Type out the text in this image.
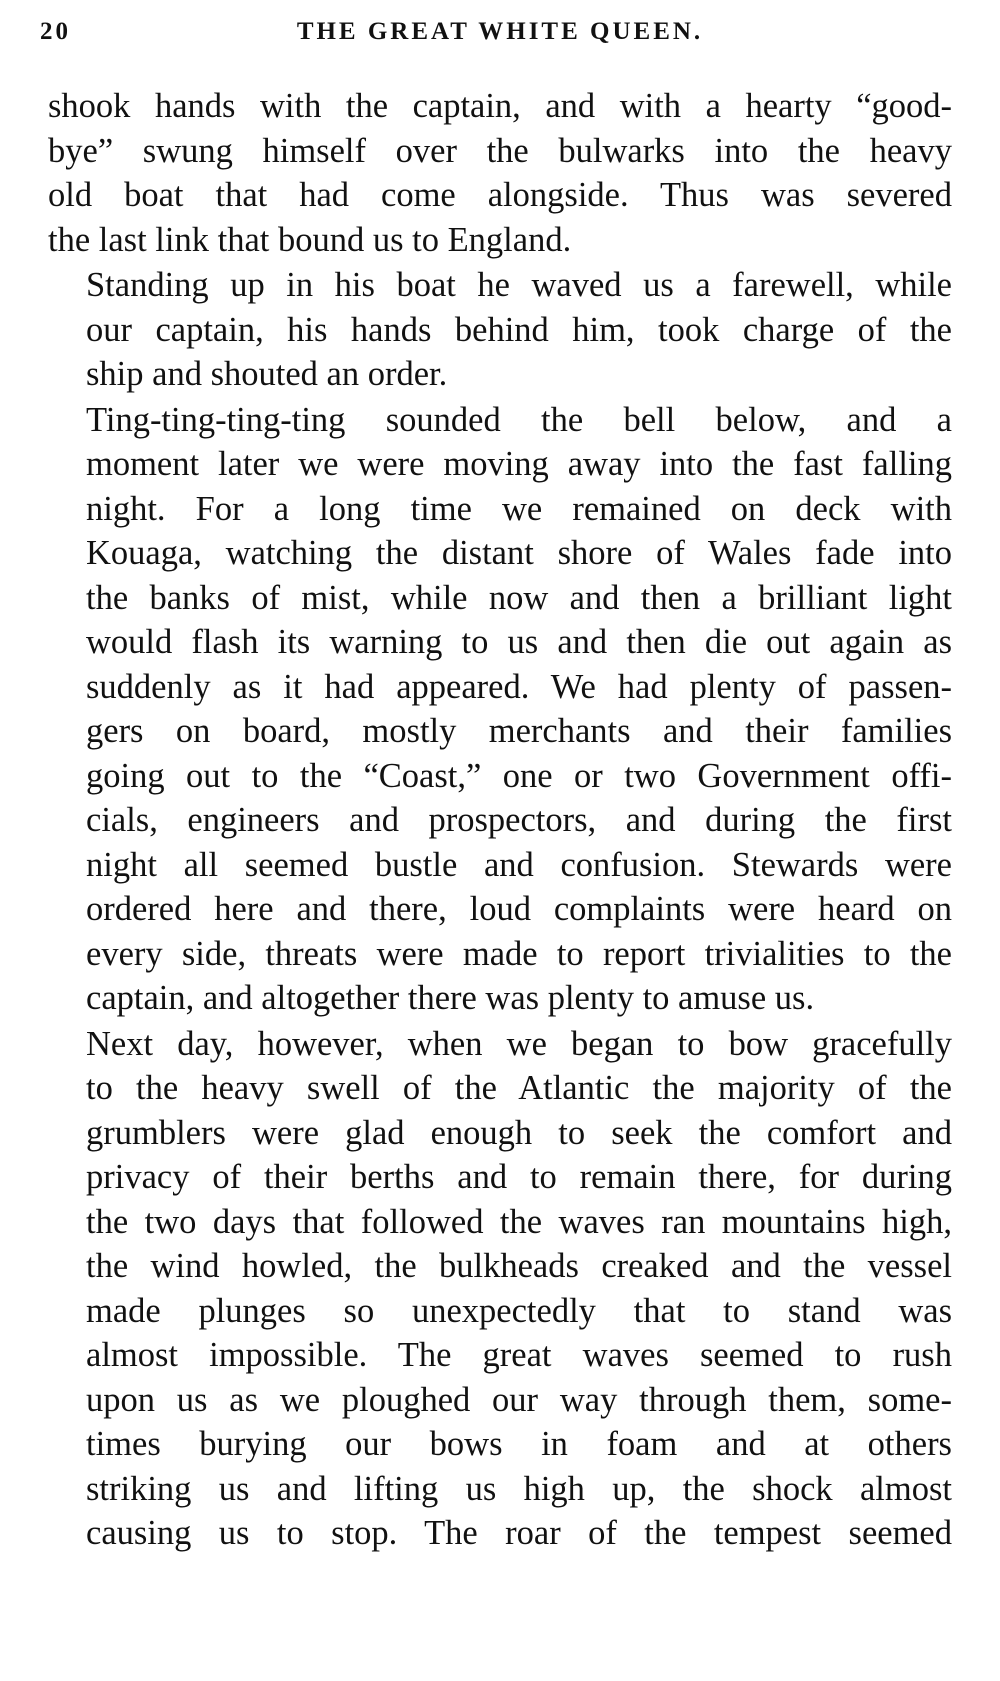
20	THE GREAT WHITE QUEEN.
shook hands with the captain, and with a hearty “good-
bye” swung himself over the bulwarks into the heavy
old boat that had come alongside. Thus was severed
the last link that bound us to England.
Standing up in his boat he waved us a farewell, while
our captain, his hands behind him, took charge of the
ship and shouted an order.
Ting-ting-ting-ting sounded the bell below, and a
moment later we were moving away into the fast falling
night. For a long time we remained on deck with
Kouaga, watching the distant shore of Wales fade into
the banks of mist, while now and then a brilliant light
would flash its warning to us and then die out again as
suddenly as it had appeared. We had plenty of passen-
gers on board, mostly merchants and their families
going out to the “Coast,” one or two Government offi-
cials, engineers and prospectors, and during the first
night all seemed bustle and confusion. Stewards were
ordered here and there, loud complaints were heard on
every side, threats were made to report trivialities to the
captain, and altogether there was plenty to amuse us.
Next day, however, when we began to bow gracefully
to the heavy swell of the Atlantic the majority of the
grumblers were glad enough to seek the comfort and
privacy of their berths and to remain there, for during
the two days that followed the waves ran mountains high,
the wind howled, the bulkheads creaked and the vessel
made plunges so unexpectedly that to stand was
almost impossible. The great waves seemed to rush
upon us as we ploughed our way through them, some-
times burying our bows in foam and at others
striking us and lifting us high up, the shock almost
causing us to stop. The roar of the tempest seemed
